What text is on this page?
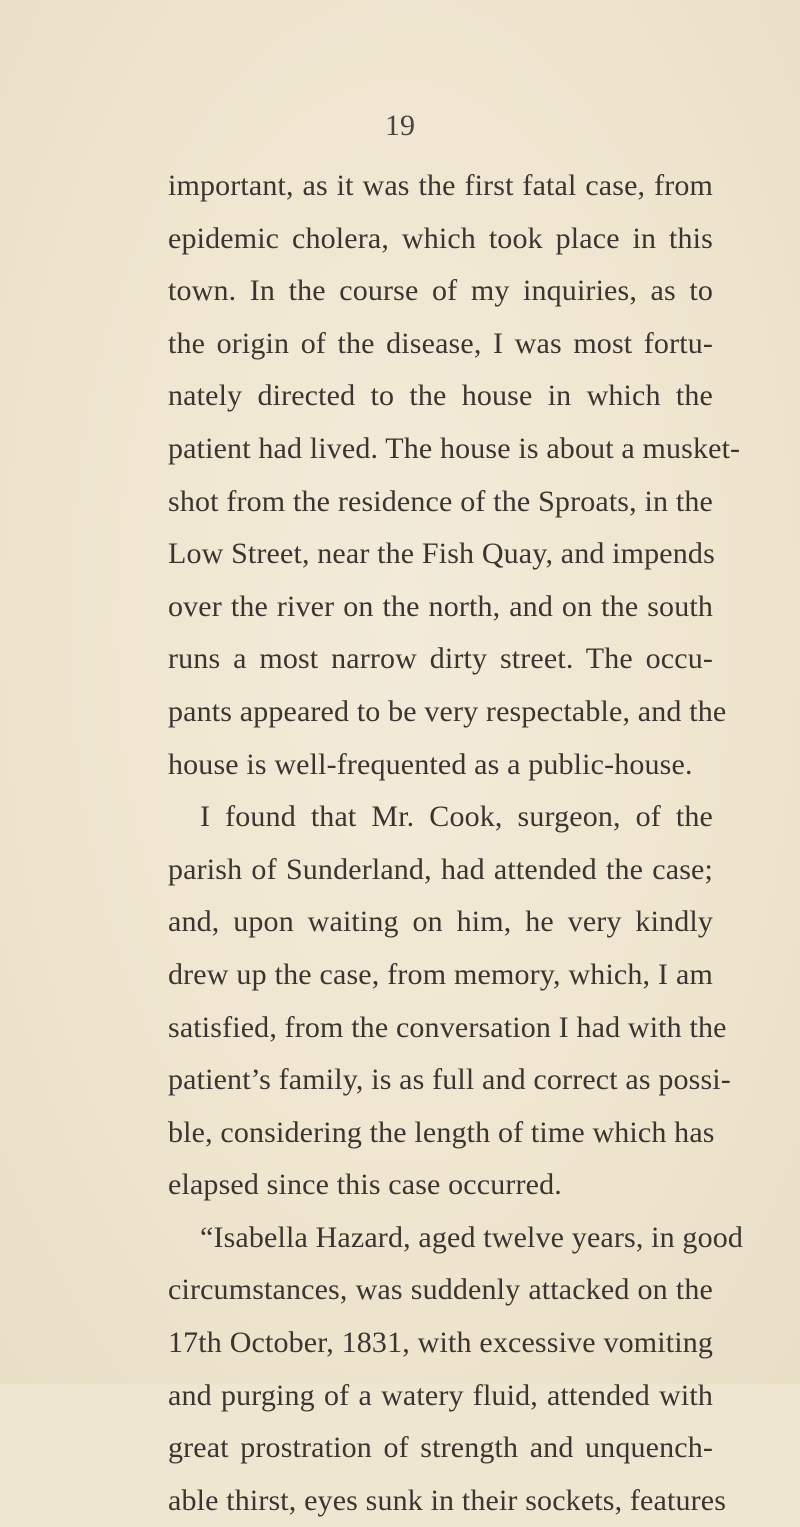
19
important, as it was the first fatal case, from
epidemic cholera, which took place in this
town. In the course of my inquiries, as to
the origin of the disease, I was most fortu-
nately directed to the house in which the
patient had lived. The house is about a musket-
shot from the residence of the Sproats, in the
Low Street, near the Fish Quay, and impends
over the river on the north, and on the south
runs a most narrow dirty street. The occu-
pants appeared to be very respectable, and the
house is well-frequented as a public-house.
I found that Mr. Cook, surgeon, of the
parish of Sunderland, had attended the case;
and, upon waiting on him, he very kindly
drew up the case, from memory, which, I am
satisfied, from the conversation I had with the
patient’s family, is as full and correct as possi-
ble, considering the length of time which has
elapsed since this case occurred.
“Isabella Hazard, aged twelve years, in good
circumstances, was suddenly attacked on the
17th October, 1831, with excessive vomiting
and purging of a watery fluid, attended with
great prostration of strength and unquench-
able thirst, eyes sunk in their sockets, features
